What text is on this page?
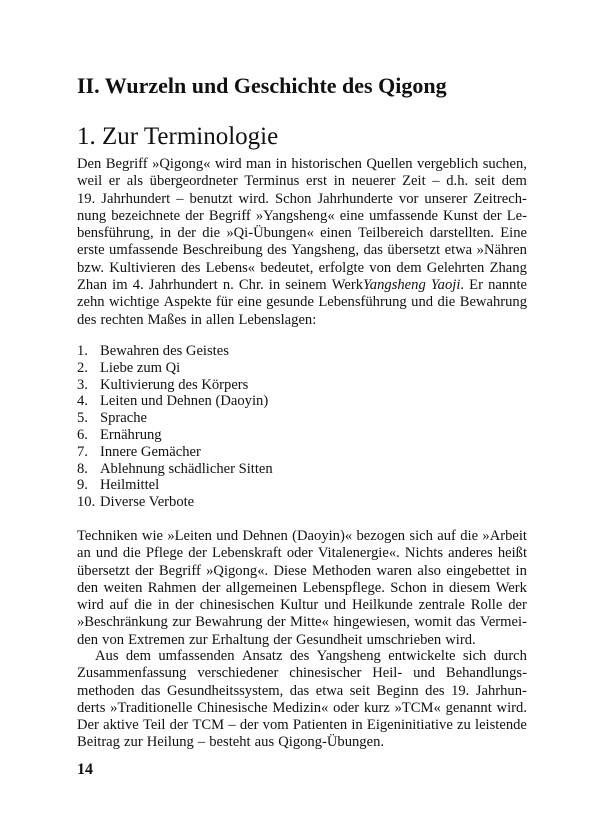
II. Wurzeln und Geschichte des Qigong
1. Zur Terminologie
Den Begriff »Qigong« wird man in historischen Quellen vergeblich suchen,
weil er als übergeordneter Terminus erst in neuerer Zeit – d.h. seit dem
19. Jahrhundert – benutzt wird. Schon Jahrhunderte vor unserer Zeitrech-
nung bezeichnete der Begriff »Yangsheng« eine umfassende Kunst der Le-
bensführung, in der die »Qi-Übungen« einen Teilbereich darstellten. Eine
erste umfassende Beschreibung des Yangsheng, das übersetzt etwa »Nähren
bzw. Kultivieren des Lebens« bedeutet, erfolgte von dem Gelehrten Zhang
Zhan im 4. Jahrhundert n. Chr. in seinem WerkYangsheng Yaoji. Er nannte
zehn wichtige Aspekte für eine gesunde Lebensführung und die Bewahrung
des rechten Maßes in allen Lebenslagen:
1. Bewahren des Geistes
2. Liebe zum Qi
3. Kultivierung des Körpers
4. Leiten und Dehnen (Daoyin)
5. Sprache
6. Ernährung
7. Innere Gemächer
8. Ablehnung schädlicher Sitten
9. Heilmittel
10. Diverse Verbote
Techniken wie »Leiten und Dehnen (Daoyin)« bezogen sich auf die »Arbeit
an und die Pflege der Lebenskraft oder Vitalenergie«. Nichts anderes heißt
übersetzt der Begriff »Qigong«. Diese Methoden waren also eingebettet in
den weiten Rahmen der allgemeinen Lebenspflege. Schon in diesem Werk
wird auf die in der chinesischen Kultur und Heilkunde zentrale Rolle der
»Beschränkung zur Bewahrung der Mitte« hingewiesen, womit das Vermei-
den von Extremen zur Erhaltung der Gesundheit umschrieben wird.
Aus dem umfassenden Ansatz des Yangsheng entwickelte sich durch
Zusammenfassung verschiedener chinesischer Heil- und Behandlungs-
methoden das Gesundheitssystem, das etwa seit Beginn des 19. Jahrhun-
derts »Traditionelle Chinesische Medizin« oder kurz »TCM« genannt wird.
Der aktive Teil der TCM – der vom Patienten in Eigeninitiative zu leistende
Beitrag zur Heilung – besteht aus Qigong-Übungen.

14
